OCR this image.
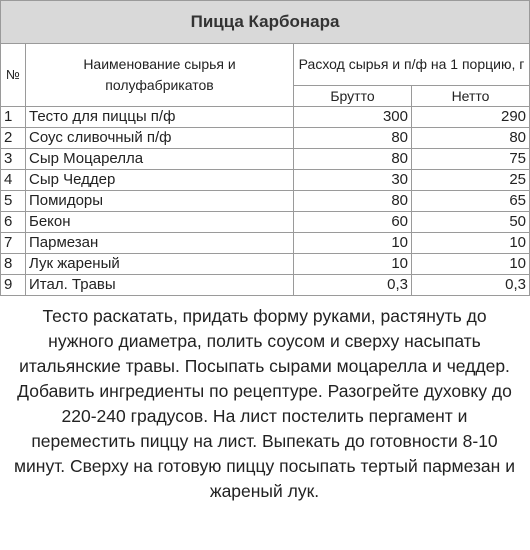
Пицца Карбонара			
№	Наименование сырья и полуфабрикатов	Расход сырья и п/ф на 1 порцию, г	
		Брутто	Нетто
1	Тесто для пиццы п/ф	300	290
2	Соус сливочный п/ф	80	80
3	Сыр Моцарелла	80	75
4	Сыр Чеддер	30	25
5	Помидоры	80	65
6	Бекон	60	50
7	Пармезан	10	10
8	Лук жареный	10	10
9	Итал. Травы	0,3	0,3
Тесто раскатать, придать форму руками, растянуть до нужного диаметра, полить соусом и сверху насыпать итальянские травы. Посыпать сырами моцарелла и чеддер. Добавить ингредиенты по рецептуре. Разогрейте духовку до 220-240 градусов. На лист постелить пергамент и переместить пиццу на лист. Выпекать до готовности 8-10 минут. Сверху на готовую пиццу посыпать тертый пармезан и жареный лук.
